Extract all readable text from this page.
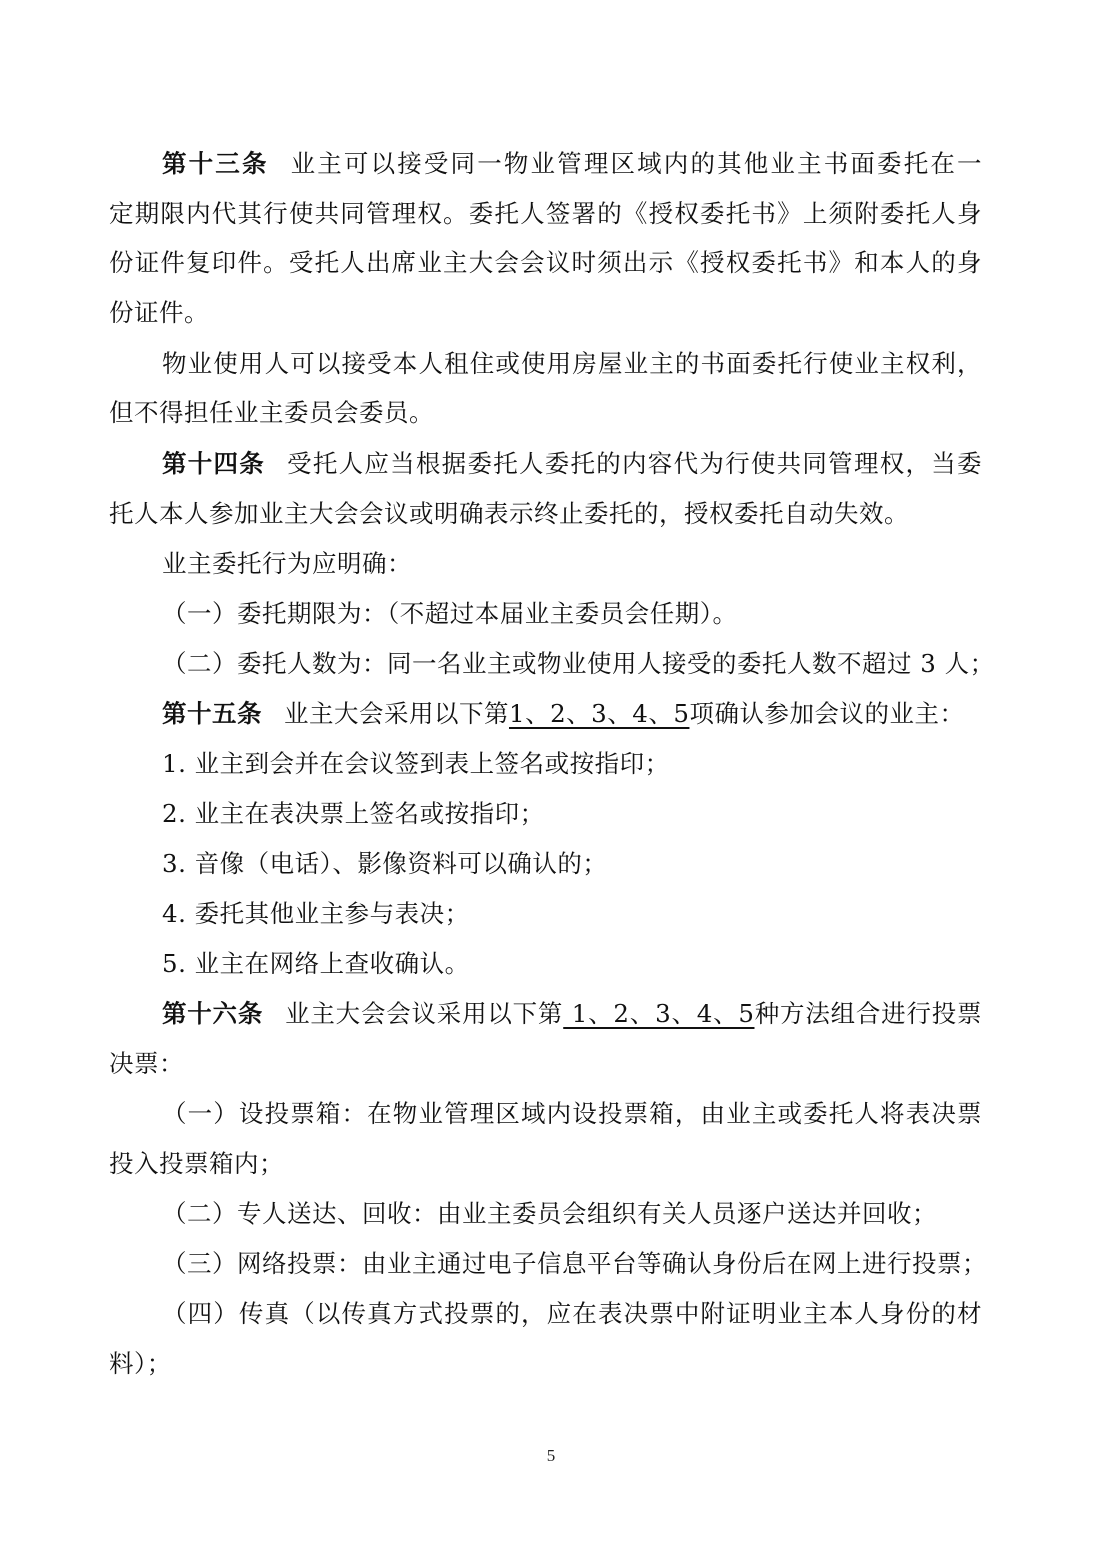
第十三条 业主可以接受同一物业管理区域内的其他业主书面委托在一
定期限内代其行使共同管理权。委托人签署的《授权委托书》上须附委托人身
份证件复印件。受托人出席业主大会会议时须出示《授权委托书》和本人的身
份证件。
物业使用人可以接受本人租住或使用房屋业主的书面委托行使业主权利，
但不得担任业主委员会委员。
第十四条 受托人应当根据委托人委托的内容代为行使共同管理权，当委
托人本人参加业主大会会议或明确表示终止委托的，授权委托自动失效。
业主委托行为应明确：
（一）委托期限为：（不超过本届业主委员会任期）。
（二）委托人数为：同一名业主或物业使用人接受的委托人数不超过 3 人；
第十五条 业主大会采用以下第1、2、3、4、5项确认参加会议的业主：
1. 业主到会并在会议签到表上签名或按指印；
2. 业主在表决票上签名或按指印；
3. 音像（电话）、影像资料可以确认的；
4. 委托其他业主参与表决；
5. 业主在网络上查收确认。
第十六条 业主大会会议采用以下第 1、2、3、4、5种方法组合进行投票
决票：
（一）设投票箱：在物业管理区域内设投票箱，由业主或委托人将表决票
投入投票箱内；
（二）专人送达、回收：由业主委员会组织有关人员逐户送达并回收；
（三）网络投票：由业主通过电子信息平台等确认身份后在网上进行投票；
（四）传真（以传真方式投票的，应在表决票中附证明业主本人身份的材
料）；
5
